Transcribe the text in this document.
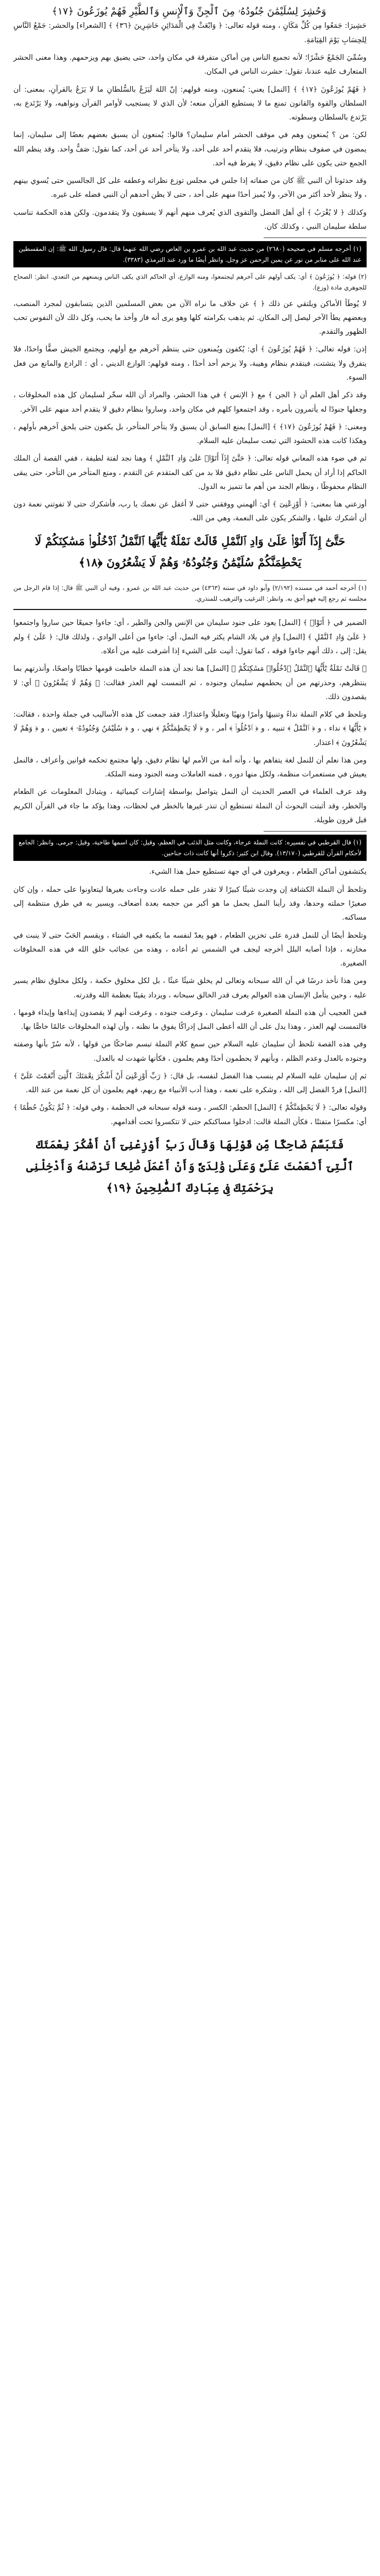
وَحُشِرَ لِسُلَيْمَٰنَ جُنُودُهُۥ مِنَ ٱلْجِنِّ وَٱلْإِنسِ وَٱلطَّيْرِ فَهُمْ يُوزَعُونَ ﴿١٧﴾

حَشِيرَا: جَمَعُوا مِن كُلِّ مَكَانٍ ، ومنه قوله تعالى: ﴿ وَابْعَثْ فِي الْمَدَائِنِ حَاشِرِينَ ﴿٣٦﴾ ﴾ [الشعراء] والحشر: جَمْعُ النَّاسِ لِلحِسَابِ يَوْمَ القِيَامَةِ.

وسُمِّيَ الجَمْعُ حَشْرًا؛ لأنه تجميع الناس مِن أماكن متفرقة في مكان واحد، حتى يضيق بهم ويزحمهم. وهذا معنى الحشر المتعارف عليه عندنا، تقول: حشرت الناس في المكان.

﴿ فَهُمْ يُوزَعُونَ ﴿١٧﴾ ﴾ [النمل] يعني: يُمنعون، ومنه قولهم: إنّ اللهَ لَيَزَعُ بالسُّلطانِ ما لا يَزَعُ بالقرآنِ، بمعنى: أن السلطان والقوة والقانون تمنع ما لا يستطيع القرآن منعه؛ لأن الذي لا يستجيب لأوامر القرآن ونواهيه، ولا يَرْتَدع به، يَرْتدع بالسلطان وسطوته.

لكن: من ؟ يُمنعون وهم في موقف الحشر أمام سليمان؟ قالوا: يُمنعون أن يسبق بعضهم بعضًا إلى سليمان، إنما يمضون في صفوف بنظام وترتيب، فلا يتقدم أحد على أحد، ولا يتأخر أحد عن أحد، كما نقول: صَفٌّ واحد. وقد ينظم الله الجمع حتى يكون على نظام دقيق، لا يفرط فيه أحد.

وقد حدثونا أن النبي ﷺ كان من صفاته إذا جلس في مجلس توزع نظراته وعطفه على كل الجالسين حتى يُسوي بينهم ، ولا ينظر لأحد أكثر من الآخر، ولا يُميز أحدًا منهم على أحد ، حتى لا يظن أحدهم أن النبي فضله على غيره.

وكذلك ﴿ لا يُغْرَبُ ﴾ أي أهل الفضل والتقوى الذي يُعرف منهم أنهم لا يسبقون ولا يتقدمون. ولكن هذه الحكمة تناسب سلطة سليمان النبي ، وكذلك كان.

(١) أخرجه مسلم في صحيحه (٢٦٨٠) من حديث عبد الله بن عمرو بن العاص رضي الله عنهما قال: قال رسول الله ﷺ: إن المقسطين عند الله على منابر من نور عن يمين الرحمن عز وجل. وانظر أيضًا ما ورد عند الترمذي (٣٣٨٣).
(٢) قوله: ﴿ يُوزَعُونَ ﴾ أي: يكف أولهم على آخرهم ليجتمعوا، ومنه الوازع، أي الحاكم الذي يكف الناس ويمنعهم من التعدي. انظر: الصحاح للجوهري مادة (وزع).

لا يُوطَأ الأماكن ويلتقي عن ذلك ﴿ ﴾ عن خلاف ما نراه الآن من بعض المسلمين الذين يتسابقون لمجرد المنصب، وبعضهم يطأ الآخر ليصل إلى المكان. ثم يذهب بكرامته كلها وهو يرى أنه فاز وأخذ ما يحب، وكل ذلك لأن النفوس تحب الظهور والتقدم.

إذن: قوله تعالى: ﴿ فَهُمْ يُوزَعُونَ ﴾ أي: يُكفون ويُمنعون حتى ينتظم آخرهم مع أولهم، ويجتمع الجيش صفًّا واحدًا، فلا يتفرق ولا يتشتت، فيتقدم بنظام وهيبة، ولا يزحم أحد أحدًا ، ومنه قولهم: الوازع الديني ، أي : الرادع والمانع من فعل السوء.

وقد ذكر أهل العلم أن ﴿ الجن ﴾ مع ﴿ الإنس ﴾ في هذا الحشر، والمراد أن الله سخّر لسليمان كل هذه المخلوقات ، وجعلها جنودًا له يأتمرون بأمره ، وقد اجتمعوا كلهم في مكان واحد، وساروا بنظام دقيق لا يتقدم أحد منهم على الآخر.

ومعنى: ﴿ فَهُمْ يُوزَعُونَ ﴿١٧﴾ ﴾ [النمل] يمنع السابق أن يسبق ولا يتأخر المتأخر، بل يكفون حتى يلحق آخرهم بأولهم ، وهكذا كانت هذه الحشود التي تبعت سليمان عليه السلام.

ثم في ضوء هذه المعاني قوله تعالى: ﴿ حَتَّىٰٓ إِذَآ أَتَوْا۟ عَلَىٰ وَادِ ٱلنَّمْلِ ﴾ وهنا نجد لفتة لطيفة ، ففي القصة أن الملك الحاكم إذا أراد أن يحمل الناس على نظام دقيق فلا بد من كف المتقدم عن التقدم ، ومنع المتأخر من التأخر، حتى يبقى النظام محفوظًا ، ونظام الجند من أهم ما تتميز به الدول.

أوزعني هنا بمعنى: ﴿ أَوْزِعْنِىٓ ﴾ أي: ألهمني ووفقني حتى لا أغفل عن نعمك يا رب، فأشكرك حتى لا تفوتني نعمة دون أن أشكرك عليها ، والشكر يكون على النعمة، وهي من الله.

حَتَّىٰٓ إِذَآ أَتَوْا۟ عَلَىٰ وَادِ ٱلنَّمْلِ قَالَتْ نَمْلَةٌ يَٰٓأَيُّهَا ٱلنَّمْلُ ٱدْخُلُوا۟ مَسَٰكِنَكُمْ لَا يَحْطِمَنَّكُمْ سُلَيْمَٰنُ وَجُنُودُهُۥ وَهُمْ لَا يَشْعُرُونَ ﴿١٨﴾
(١) أخرجه أحمد في مسنده (٢/١٩٢) وأبو داود في سننه (٤٣٦٣) من حديث عبد الله بن عمرو ، وفيه أن النبي ﷺ قال: إذا قام الرجل من مجلسه ثم رجع إليه فهو أحق به. وانظر: الترغيب والترهيب للمنذري.

الضمير في ﴿ أَتَوْا۟ ﴾ [النمل] يعود على جنود سليمان من الإنس والجن والطير ، أي: جاءوا جميعًا حين ساروا واجتمعوا ﴿ عَلَىٰ وَادِ ٱلنَّمْلِ ﴾ [النمل] وادٍ في بلاد الشام يكثر فيه النمل، أي: جاءوا من أعلى الوادي ، ولذلك قال: ﴿ عَلَىٰ ﴾ ولم يقل: إلى ، ذلك أنهم جاءوا فوقه ، كما تقول: أتيت على الشيء إذا أشرفت عليه من أعلاه.

﴿ قَالَتْ نَمْلَةٌ يَٰٓأَيُّهَا ٱلنَّمْلُ ٱدْخُلُوا۟ مَسَٰكِنَكُمْ ﴾ [النمل] هنا نجد أن هذه النملة خاطبت قومها خطابًا واضحًا، وأنذرتهم بما ينتظرهم، وحذرتهم من أن يحطمهم سليمان وجنوده ، ثم التمست لهم العذر فقالت: ﴿ وَهُمْ لَا يَشْعُرُونَ ﴾ أي: لا يقصدون ذلك.

ونلحظ في كلام النملة نداءً وتنبيهًا وأمرًا ونهيًا وتعليلًا واعتذارًا، فقد جمعت كل هذه الأساليب في جملة واحدة ، فقالت: ﴿ يَٰٓأَيُّهَا ﴾ نداء ، و ﴿ ٱلنَّمْلُ ﴾ تنبيه ، و ﴿ ٱدْخُلُوا۟ ﴾ أمر ، و ﴿ لَا يَحْطِمَنَّكُمْ ﴾ نهي ، و ﴿ سُلَيْمَٰنُ وَجُنُودُهُۥ ﴾ تعيين ، و ﴿ وَهُمْ لَا يَشْعُرُونَ ﴾ اعتذار.

ومن هذا نعلم أن للنمل لغة يتفاهم بها ، وأنه أمة من الأمم لها نظام دقيق، ولها مجتمع تحكمه قوانين وأعراف ، فالنمل يعيش في مستعمرات منظمة، ولكل منها دوره ، فمنه العاملات ومنه الجنود ومنه الملكة.

وقد عرف العلماء في العصر الحديث أن النمل يتواصل بواسطة إشارات كيميائية ، ويتبادل المعلومات عن الطعام والخطر، وقد أثبتت البحوث أن النملة تستطيع أن تنذر غيرها بالخطر في لحظات، وهذا يؤكد ما جاء في القرآن الكريم قبل قرون طويلة.

(١) قال القرطبي في تفسيره: كانت النملة عرجاء، وكانت مثل الذئب في العظم، وقيل: كان اسمها طاخية، وقيل: جرمى. وانظر: الجامع لأحكام القرآن للقرطبي (١٣/١٧٠). وقال ابن كثير: ذكروا أنها كانت ذات جناحين.

يكتشفون أماكن الطعام ، ويعرفون في أي جهة تستطيع حمل هذا الشيء.

وتلحظ أن النملة الكشافة إن وجدت شيئًا كبيرًا لا تقدر على حمله عادت وجاءت بغيرها ليتعاونوا على حمله ، وإن كان صغيرًا حملته وحدها، وقد رأينا النمل يحمل ما هو أكبر من حجمه بعدة أضعاف، ويسير به في طرق منتظمة إلى مساكنه.

وتلحظ أيضًا أن للنمل قدرة على تخزين الطعام ، فهو يعدّ لنفسه ما يكفيه في الشتاء ، ويقسم الحَبّ حتى لا ينبت في مخازنه ، فإذا أصابه البلل أخرجه ليجف في الشمس ثم أعاده ، وهذه من عجائب خلق الله في هذه المخلوقات الصغيرة.

ومن هذا نأخذ درسًا في أن الله سبحانه وتعالى لم يخلق شيئًا عبثًا ، بل لكل مخلوق حكمة ، ولكل مخلوق نظام يسير عليه ، وحين يتأمل الإنسان هذه العوالم يعرف قدر الخالق سبحانه ، ويزداد يقينًا بعظمة الله وقدرته.

فمن العجيب أن هذه النملة الصغيرة عرفت سليمان ، وعرفت جنوده ، وعرفت أنهم لا يقصدون إيذاءها وإيذاء قومها ، فالتمست لهم العذر ، وهذا يدل على أن الله أعطى النمل إدراكًا يفوق ما نظنه ، وأن لهذه المخلوقات عالمًا خاصًّا بها.

وفي هذه القصة تلحظ أن سليمان عليه السلام حين سمع كلام النملة تبسم ضاحكًا من قولها ، لأنه سُرّ بأنها وصفته وجنوده بالعدل وعدم الظلم ، وبأنهم لا يحطمون أحدًا وهم يعلمون ، فكأنها شهدت له بالعدل.

ثم إن سليمان عليه السلام لم ينسب هذا الفضل لنفسه، بل قال: ﴿ رَبِّ أَوْزِعْنِىٓ أَنْ أَشْكُرَ نِعْمَتَكَ ٱلَّتِىٓ أَنْعَمْتَ عَلَىَّ ﴾ [النمل] فردّ الفضل إلى الله ، وشكره على نعمه ، وهذا أدب الأنبياء مع ربهم، فهم يعلمون أن كل نعمة من عند الله.

وقوله تعالى: ﴿ لَا يَحْطِمَنَّكُمْ ﴾ [النمل] الحطم: الكسر ، ومنه قوله سبحانه في الحطمة ، وفي قوله: ﴿ ثُمَّ يَكُونُ حُطَٰمًا ﴾ أي: مكسرًا متفتتًا ، فكأن النملة قالت: ادخلوا مساكنكم حتى لا تتكسروا تحت أقدامهم.

فَتَبَسَّمَ ضَاحِكًا مِّن قَوْلِهَا وَقَالَ رَبِّ أَوْزِعْنِىٓ أَنْ أَشْكُرَ نِعْمَتَكَ ٱلَّتِىٓ أَنْعَمْتَ عَلَىَّ وَعَلَىٰ وَٰلِدَىَّ وَأَنْ أَعْمَلَ صَٰلِحًا تَرْضَىٰهُ وَأَدْخِلْنِى بِرَحْمَتِكَ فِى عِبَادِكَ ٱلصَّٰلِحِينَ ﴿١٩﴾
